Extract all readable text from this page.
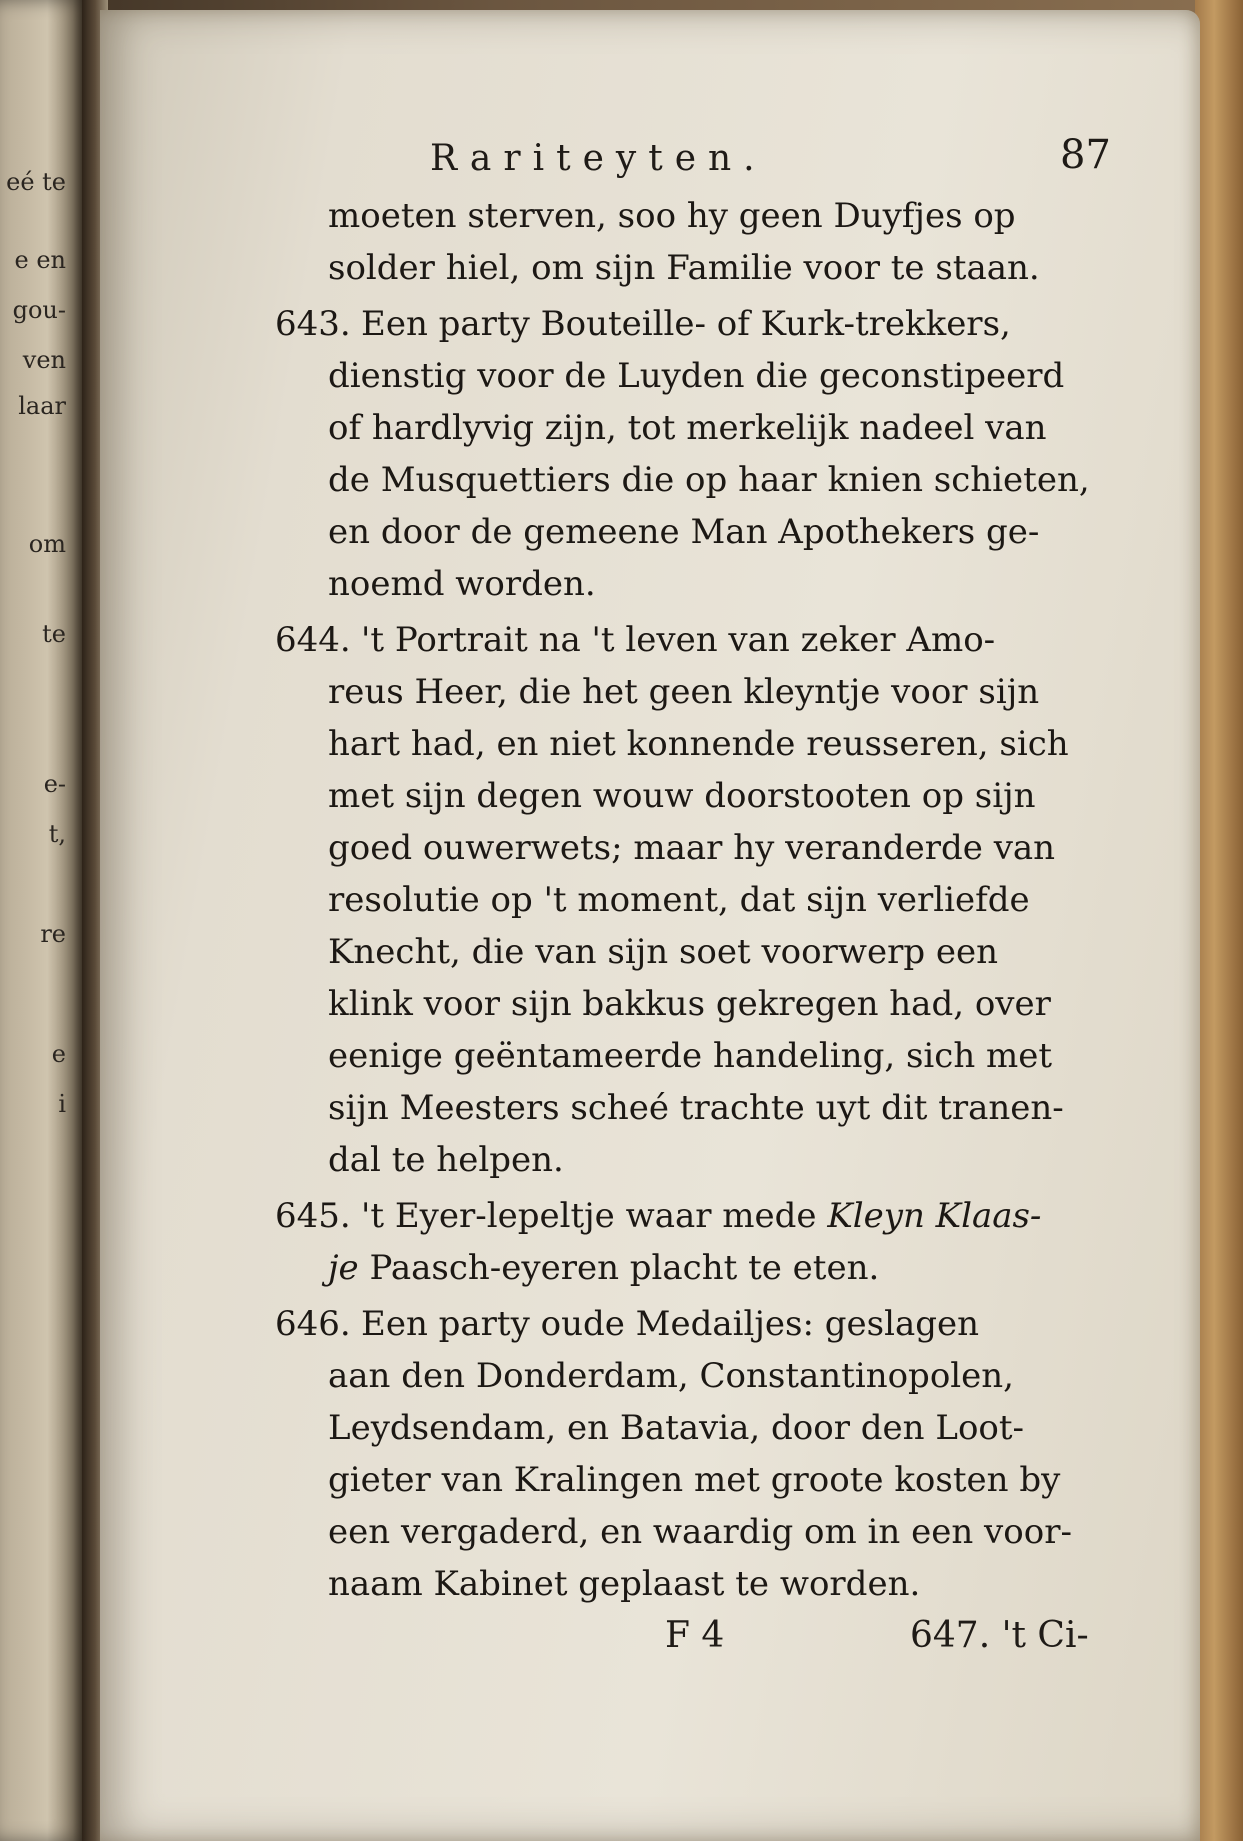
eé te
e en
gou-
ven
laar
om
te
e-
t,
re
e
i
Rariteyten.	87
moeten sterven, soo hy geen Duyfjes op
solder hiel, om sijn Familie voor te staan.
643. Een party Bouteille- of Kurk-trekkers,
dienstig voor de Luyden die geconstipeerd
of hardlyvig zijn, tot merkelijk nadeel van
de Musquettiers die op haar knien schieten,
en door de gemeene Man Apothekers ge-
noemd worden.
644. 't Portrait na 't leven van zeker Amo-
reus Heer, die het geen kleyntje voor sijn
hart had, en niet konnende reusseren, sich
met sijn degen wouw doorstooten op sijn
goed ouwerwets; maar hy veranderde van
resolutie op 't moment, dat sijn verliefde
Knecht, die van sijn soet voorwerp een
klink voor sijn bakkus gekregen had, over
eenige geëntameerde handeling, sich met
sijn Meesters scheé trachte uyt dit tranen-
dal te helpen.
645. 't Eyer-lepeltje waar mede Kleyn Klaas-
je Paasch-eyeren placht te eten.
646. Een party oude Medailjes: geslagen
aan den Donderdam, Constantinopolen,
Leydsendam, en Batavia, door den Loot-
gieter van Kralingen met groote kosten by
een vergaderd, en waardig om in een voor-
naam Kabinet geplaast te worden.
F 4	647. 't Ci-
